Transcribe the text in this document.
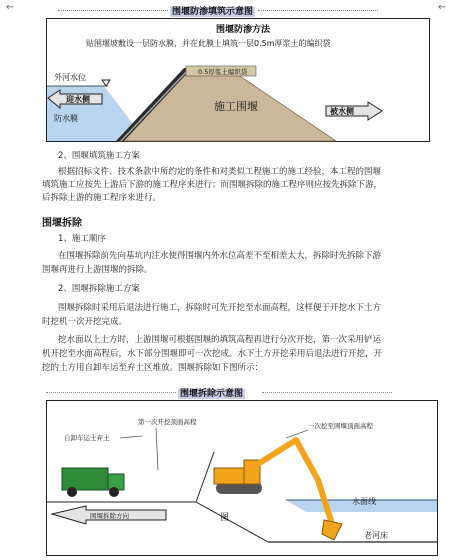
←	←
围堰防渗填筑示意图
围堰防渗方法
贴围堰坡敷设一层防水膜，并在此膜上填筑一层0.5m厚浆土的编织袋
外河水位
0.5厚浆土编织袋
迎水侧
防水膜
施工围堰	被水侧
2、围堰填筑施工方案
根据招标文件、技术条款中所约定的条件和对类似工程施工的施工经验，本工程的围堰
填筑施工应按先上游后下游的施工程序来进行；而围堰拆除的施工程序则应按先拆除下游，
后拆除上游的施工程序来进行。
围堰拆除
1、施工顺序
在围堰拆除前先向基坑内注水使得围堰内外水位高差不至相差太大，拆除时先拆除下游
围堰再进行上游围堰的拆除。
2、围堰拆除施工方案
围堰拆除时采用后退法进行施工，拆除时可先开挖至水面高程，这样便于开挖水下土方
时挖机一次开挖完成。
挖水面以上土方时，上游围堰可根据围堰的填筑高程再进行分次开挖，第一次采用铲运
机开挖至水面高程后，水下部分围堰即可一次挖成。水下土方开挖采用后退法进行开挖，开
挖的土方用自卸车运至弃土区堆放。围堰拆除如下图所示：
围堰拆除示意图
自卸车运土弃土
第一次开挖顶面高程	一次挖至围堰顶面高程
水面线
老河床
围堰拆除方向	图
